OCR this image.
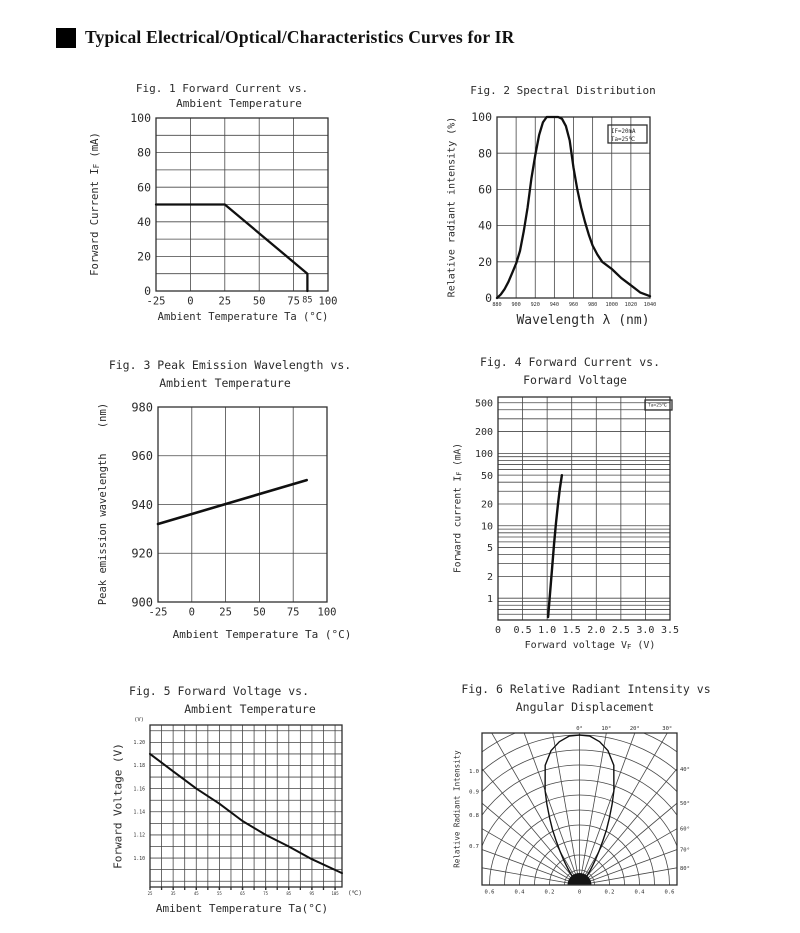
Typical Electrical/Optical/Characteristics Curves for IR
Fig. 1 Forward Current vs.
Ambient Temperature
Forward Current IF (mA)
-25 0 25 50 75 85 100
0
20
40
60
80
100
Ambient Temperature Ta (°C)
Fig. 2 Spectral Distribution
Relative radiant intensity (%)
880 900 920 940 960 980 1000 1020 1040
0
20
40
60
80
100
IF=20mA
Ta=25℃
Wavelength λ (nm)
Fig. 3 Peak Emission Wavelength vs.
Ambient Temperature
Peak emission wavelength    (nm)
-25 0 25 50 75 100
900
920
940
960
980
Ambient Temperature Ta (°C)
Fig. 4 Forward Current vs.
Forward Voltage
Forward current IF (mA)
0 0.5 1.0 1.5 2.0 2.5 3.0 3.5
500
200
100
50
20
10
5
2
1
Ta=25℃
Forward voltage VF (V)
Fig. 5 Forward Voltage vs.
Ambient Temperature
Forward Voltage (V)
25	35	45	55	65	75	85	95	105
1.20
1.18
1.16
1.14
1.12
1.10
(V)
(℃)
Amibent Temperature Ta(°C)
Fig. 6 Relative Radiant Intensity vs
Angular Displacement
Relative Radiant Intensity
0°	10°	20°	30°
40°
50°
60°
70°
80°
1.0
0.9
0.8
0.7
0.6	0.4	0.2	0	0.2	0.4	0.6
